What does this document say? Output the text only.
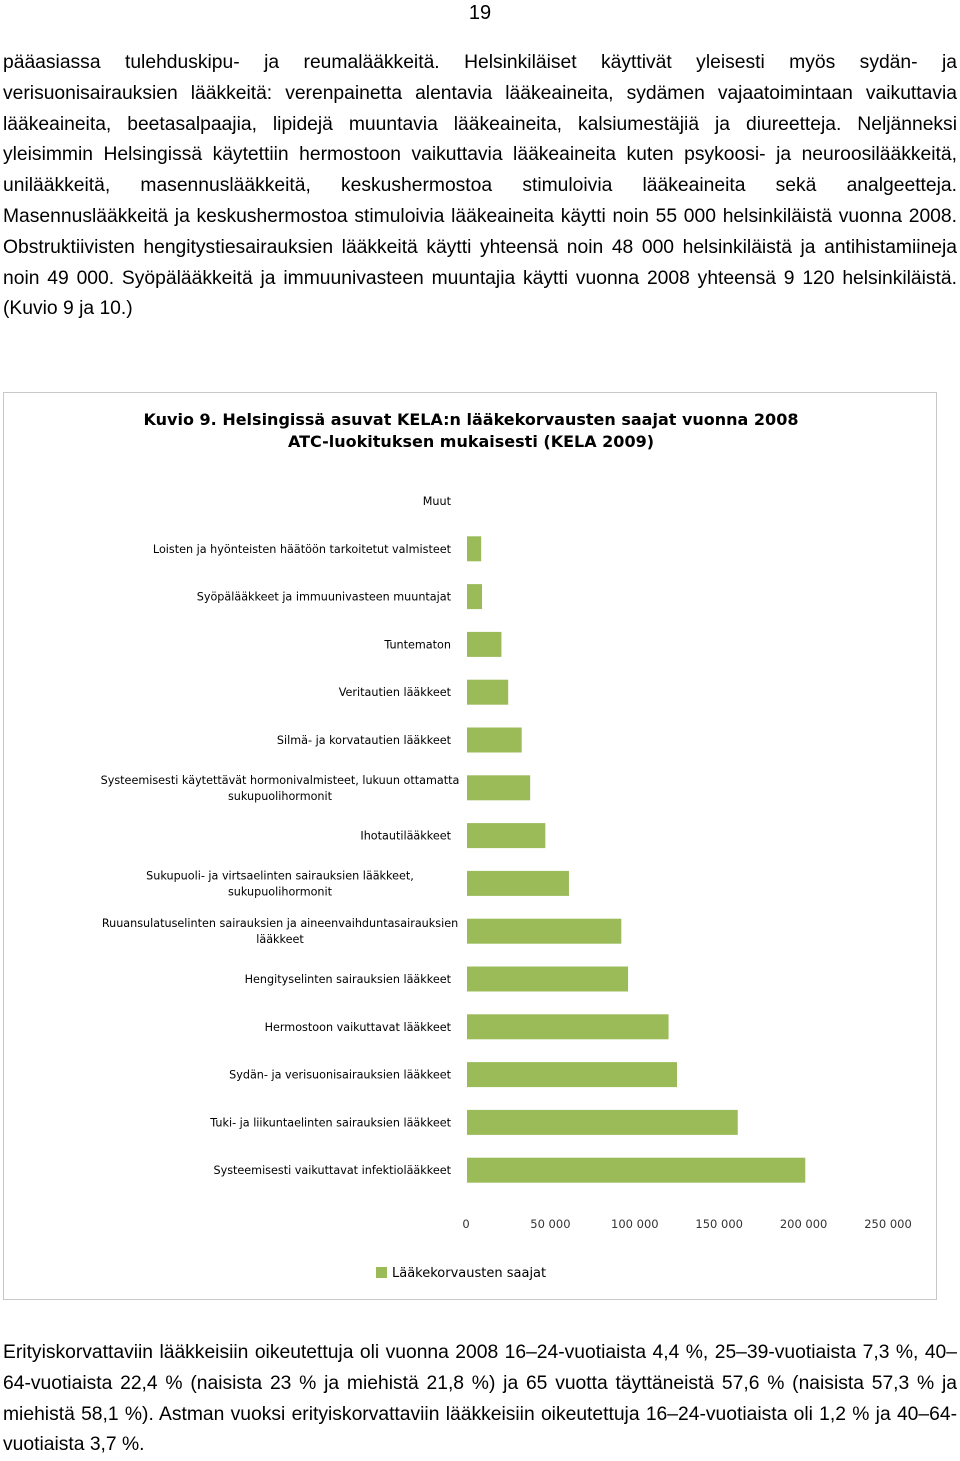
19

pääasiassa tulehduskipu- ja reumalääkkeitä. Helsinkiläiset käyttivät yleisesti myös sydän- ja verisuonisairauksien lääkkeitä: verenpainetta alentavia lääkeaineita, sydämen vajaatoimintaan vaikuttavia lääkeaineita, beetasalpaajia, lipidejä muuntavia lääkeaineita, kalsiumestäjiä ja diureetteja. Neljänneksi yleisimmin Helsingissä käytettiin hermostoon vaikuttavia lääkeaineita kuten psykoosi- ja neuroosilääkkeitä, unilääkkeitä, masennuslääkkeitä, keskushermostoa stimuloivia lääkeaineita sekä analgeetteja. Masennuslääkkeitä ja keskushermostoa stimuloivia lääkeaineita käytti noin 55 000 helsinkiläistä vuonna 2008. Obstruktiivisten hengitystiesairauksien lääkkeitä käytti yhteensä noin 48 000 helsinkiläistä ja antihistamiineja noin 49 000. Syöpälääkkeitä ja immuunivasteen muuntajia käytti vuonna 2008 yhteensä 9 120 helsinkiläistä. (Kuvio 9 ja 10.)

Kuvio 9. Helsingissä asuvat KELA:n lääkekorvausten saajat vuonna 2008
ATC-luokituksen mukaisesti (KELA 2009)
Muut
Loisten ja hyönteisten häätöön tarkoitetut valmisteet
Syöpälääkkeet ja immuunivasteen muuntajat
Tuntematon
Veritautien lääkkeet
Silmä- ja korvatautien lääkkeet
Systeemisesti käytettävät hormonivalmisteet, lukuun ottamatta sukupuolihormonit
Ihotautilääkkeet
Sukupuoli- ja virtsaelinten sairauksien lääkkeet, sukupuolihormonit
Ruuansulatuselinten sairauksien ja aineenvaihduntasairauksien lääkkeet
Hengityselinten sairauksien lääkkeet
Hermostoon vaikuttavat lääkkeet
Sydän- ja verisuonisairauksien lääkkeet
Tuki- ja liikuntaelinten sairauksien lääkkeet
Systeemisesti vaikuttavat infektiolääkkeet
0	50 000	100 000	150 000	200 000	250 000
Lääkekorvausten saajat

Erityiskorvattaviin lääkkeisiin oikeutettuja oli vuonna 2008 16–24-vuotiaista 4,4 %, 25–39-vuotiaista 7,3 %, 40–64-vuotiaista 22,4 % (naisista 23 % ja miehistä 21,8 %) ja 65 vuotta täyttäneistä 57,6 % (naisista 57,3 % ja miehistä 58,1 %). Astman vuoksi erityiskorvattaviin lääkkeisiin oikeutettuja 16–24-vuotiaista oli 1,2 % ja 40–64-vuotiaista 3,7 %.
